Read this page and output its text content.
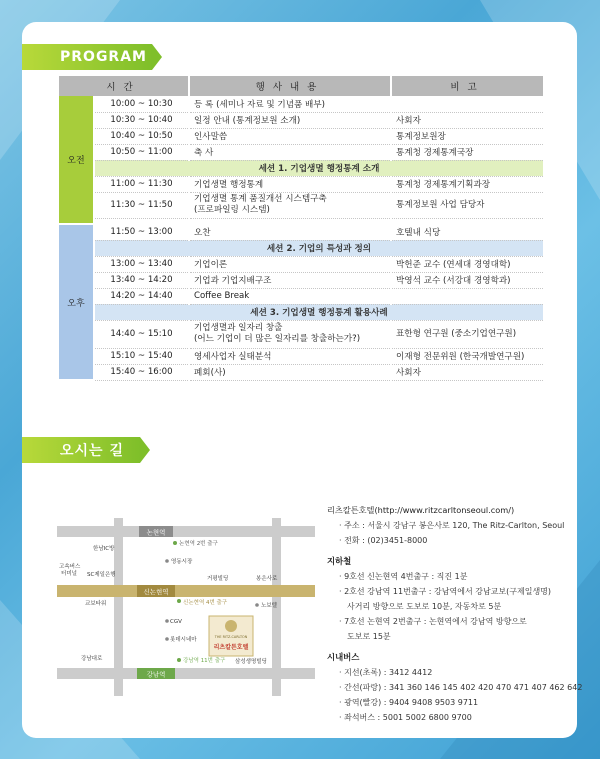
PROGRAM
시간		행사내용	비고
오전	10:00 ~ 10:30	등 록 (세미나 자료 및 기념품 배부)	
	10:30 ~ 10:40	일정 안내 (통계정보원 소개)	사회자
	10:40 ~ 10:50	인사말씀	통계정보원장
	10:50 ~ 11:00	축 사	통계청 경제통계국장
	세션 1. 기업생멸 행정통계 소개		
	11:00 ~ 11:30	기업생멸 행정통계	통계청 경제통계기획과장
	11:30 ~ 11:50	기업생멸 통계 품질개선 시스템구축
(프로파일링 시스템)	통계정보원 사업 담당자

오후	11:50 ~ 13:00	오찬	호텔내 식당
	세션 2. 기업의 특성과 정의		
	13:00 ~ 13:40	기업이론	박헌준 교수 (연세대 경영대학)
	13:40 ~ 14:20	기업과 기업지배구조	박영석 교수 (서강대 경영학과)
	14:20 ~ 14:40	Coffee Break	
	세션 3. 기업생멸 행정통계 활용사례		
	14:40 ~ 15:10	기업생멸과 일자리 창출
(어느 기업이 더 많은 일자리를 창출하는가?)	표한형 연구원 (중소기업연구원)
	15:10 ~ 15:40	영세사업자 실태분석	이재형 전문위원 (한국개발연구원)
	15:40 ~ 16:00	폐회(사)	사회자
오시는 길
논현역
신논현역
강남역
논현역 2번 출구
한남IC방
영동시장
고속버스 터미널	SC제일은행
거평빌딩	봉은사로
신논현역 4번 출구
교보타워	노보텔
CGV
롯데시네마	THE RITZ-CARLTON
리츠칼튼호텔
강남대로	강남역 11번 출구 삼성생명빌딩
리츠칼튼호텔(http://www.ritzcarltonseoul.com/)
· 주소 : 서울시 강남구 봉은사로 120, The Ritz-Carlton, Seoul
· 전화 : (02)3451-8000
지하철
· 9호선 신논현역 4번출구 : 직진 1분
· 2호선 강남역 11번출구 : 강남역에서 강남교보(구제일생명)
사거리 방향으로 도보로 10분, 자동차로 5분
· 7호선 논현역 2번출구 : 논현역에서 강남역 방향으로
도보로 15분
시내버스
· 지선(초록) : 3412 4412
· 간선(파랑) : 341 360 146 145 402 420 470 471 407 462 642
· 광역(빨강) : 9404 9408 9503 9711
· 좌석버스 : 5001 5002 6800 9700
